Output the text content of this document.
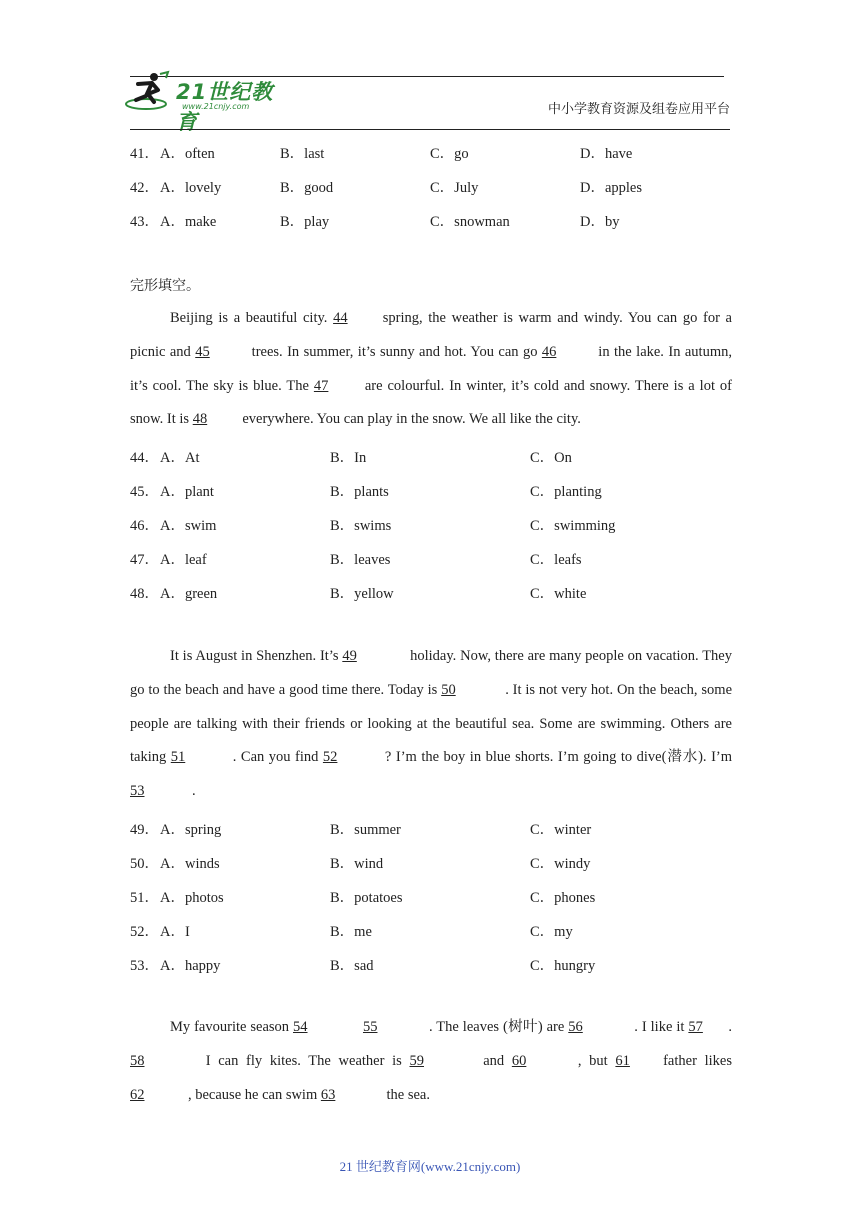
21世纪教育
www.21cnjy.com	中小学教育资源及组卷应用平台
41． A．often	B．last	C．go	D．have
42． A．lovely	B．good	C．July	D．apples
43． A．make	B．play	C．snowman	D．by
完形填空。
Beijing is a beautiful city. 44 spring, the weather is warm and windy. You can go for a picnic and 45	trees. In summer, it’s sunny and hot. You can go 46	in the lake. In autumn, it’s cool. The sky is blue. The 47 are colourful. In winter, it’s cold and snowy. There is a lot of snow. It is 48 everywhere. You can play in the snow. We all like the city.
44． A．At	B．In	C．On
45． A．plant	B．plants	C．planting
46． A．swim	B．swims	C．swimming
47． A．leaf	B．leaves	C．leafs
48． A．green	B．yellow	C．white
It is August in Shenzhen. It’s 49	holiday. Now, there are many people on vacation. They go to the beach and have a good time there. Today is 50	. It is not very hot. On the beach, some people are talking with their friends or looking at the beautiful sea. Some are swimming. Others are taking 51	. Can you find 52	? I’m the boy in blue shorts. I’m going to dive(潜水). I’m 53	.
49． A．spring	B．summer	C．winter
50． A．winds	B．wind	C．windy
51． A．photos	B．potatoes	C．phones
52． A．I	B．me	C．my
53． A．happy	B．sad	C．hungry
My favourite season 54	55	. The leaves (树叶) are 56	. I like it 57 . 58	I can fly kites. The weather is 59	and 60	, but 61 father likes 62	, because he can swim 63	the sea.
21 世纪教育网(www.21cnjy.com)
